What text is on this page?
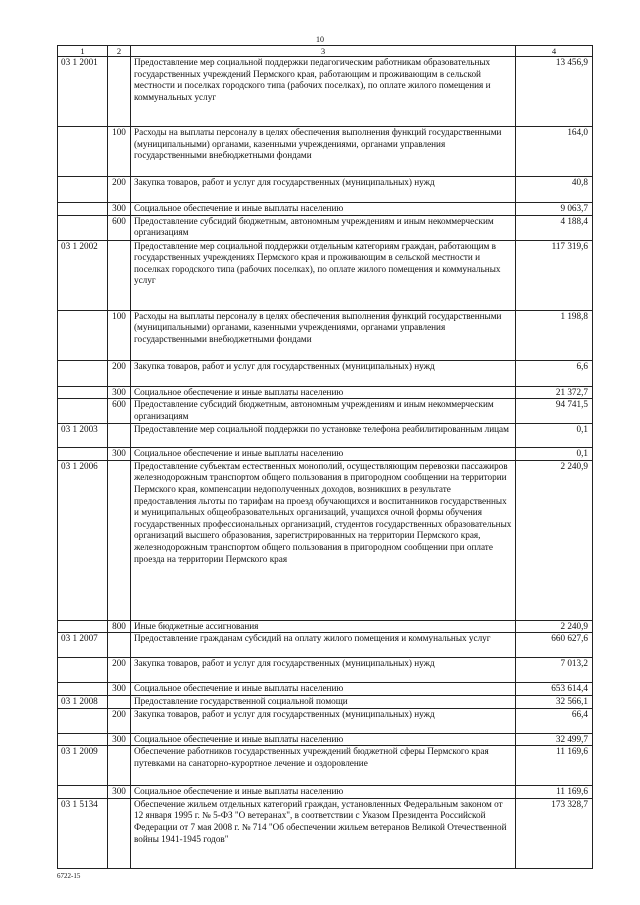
10
1	2	3	4
03 1 2001		Предоставление мер социальной поддержки педагогическим работникам образовательных государственных учреждений Пермского края, работающим и проживающим в сельской местности и поселках городского типа (рабочих поселках), по оплате жилого помещения и коммунальных услуг	13 456,9
	100	Расходы на выплаты персоналу в целях обеспечения выполнения функций государственными (муниципальными) органами, казенными учреждениями, органами управления государственными внебюджетными фондами	164,0
	200	Закупка товаров, работ и услуг для государственных (муниципальных) нужд	40,8
	300	Социальное обеспечение и иные выплаты населению	9 063,7
	600	Предоставление субсидий бюджетным, автономным учреждениям и иным некоммерческим организациям	4 188,4
03 1 2002		Предоставление мер социальной поддержки отдельным категориям граждан, работающим в государственных учреждениях Пермского края и проживающим в сельской местности и поселках городского типа (рабочих поселках), по оплате жилого помещения и коммунальных услуг	117 319,6
	100	Расходы на выплаты персоналу в целях обеспечения выполнения функций государственными (муниципальными) органами, казенными учреждениями, органами управления государственными внебюджетными фондами	1 198,8
	200	Закупка товаров, работ и услуг для государственных (муниципальных) нужд	6,6
	300	Социальное обеспечение и иные выплаты населению	21 372,7
	600	Предоставление субсидий бюджетным, автономным учреждениям и иным некоммерческим организациям	94 741,5
03 1 2003		Предоставление мер социальной поддержки по установке телефона реабилитированным лицам	0,1
	300	Социальное обеспечение и иные выплаты населению	0,1
03 1 2006		Предоставление субъектам естественных монополий, осуществляющим перевозки пассажиров железнодорожным транспортом общего пользования в пригородном сообщении на территории Пермского края, компенсации недополученных доходов, возникших в результате предоставления льготы по тарифам на проезд обучающихся и воспитанников государственных и муниципальных общеобразовательных организаций, учащихся очной формы обучения государственных профессиональных организаций, студентов государственных образовательных организаций высшего образования, зарегистрированных на территории Пермского края, железнодорожным транспортом общего пользования в пригородном сообщении при оплате проезда на территории Пермского края	2 240,9
	800	Иные бюджетные ассигнования	2 240,9
03 1 2007		Предоставление гражданам субсидий на оплату жилого помещения и коммунальных услуг	660 627,6
	200	Закупка товаров, работ и услуг для государственных (муниципальных) нужд	7 013,2
	300	Социальное обеспечение и иные выплаты населению	653 614,4
03 1 2008		Предоставление государственной социальной помощи	32 566,1
	200	Закупка товаров, работ и услуг для государственных (муниципальных) нужд	66,4
	300	Социальное обеспечение и иные выплаты населению	32 499,7
03 1 2009		Обеспечение работников государственных учреждений бюджетной сферы Пермского края путевками на санаторно-курортное лечение и оздоровление	11 169,6
	300	Социальное обеспечение и иные выплаты населению	11 169,6
03 1 5134		Обеспечение жильем отдельных категорий граждан, установленных Федеральным законом от 12 января 1995 г. № 5-ФЗ "О ветеранах", в соответствии с Указом Президента Российской Федерации от 7 мая 2008 г. № 714 "Об обеспечении жильем ветеранов Великой Отечественной войны 1941-1945 годов"	173 328,7
6722-15
